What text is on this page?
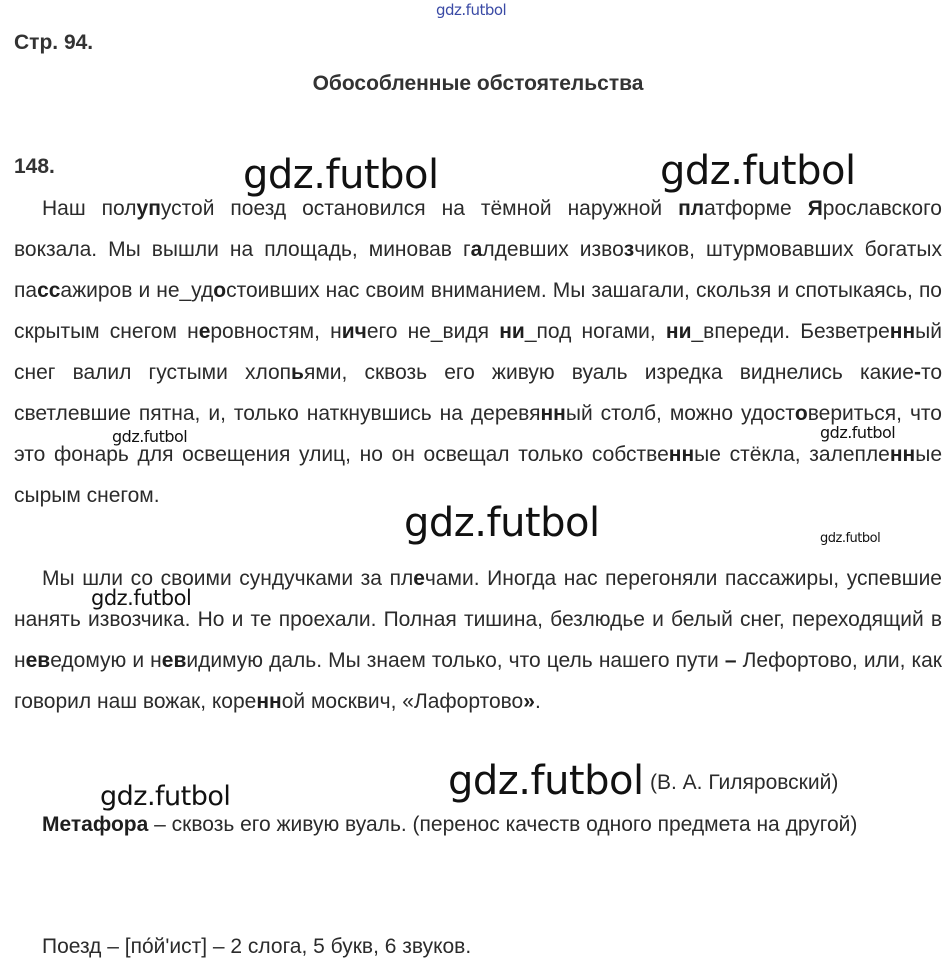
gdz.futbol
Стр. 94.
Обособленные обстоятельства
148.

Наш полупустой поезд остановился на тёмной наружной платформе Ярославского вокзала. Мы вышли на площадь, миновав галдевших извозчиков, штурмовавших богатых пассажиров и не_удостоивших нас своим вниманием. Мы зашагали, скользя и спотыкаясь, по скрытым снегом неровностям, ничего не_видя ни_под ногами, ни_впереди. Безветренный снег валил густыми хлопьями, сквозь его живую вуаль изредка виднелись какие-то светлевшие пятна, и, только наткнувшись на деревянный столб, можно удостовериться, что это фонарь для освещения улиц, но он освещал только собственные стёкла, залепленные сырым снегом.

Мы шли со своими сундучками за плечами. Иногда нас перегоняли пассажиры, успевшие нанять извозчика. Но и те проехали. Полная тишина, безлюдье и белый снег, переходящий в неведомую и невидимую даль. Мы знаем только, что цель нашего пути – Лефортово, или, как говорил наш вожак, коренной москвич, «Лафортово».

(В. А. Гиляровский)

Метафора – сквозь его живую вуаль. (перенос качеств одного предмета на другой)

Поезд – [по́й'ист] – 2 слога, 5 букв, 6 звуков.
gdz.futbol	gdz.futbol
gdz.futbol	gdz.futbol
gdz.futbol	gdz.futbol
gdz.futbol
gdz.futbol
gdz.futbol
